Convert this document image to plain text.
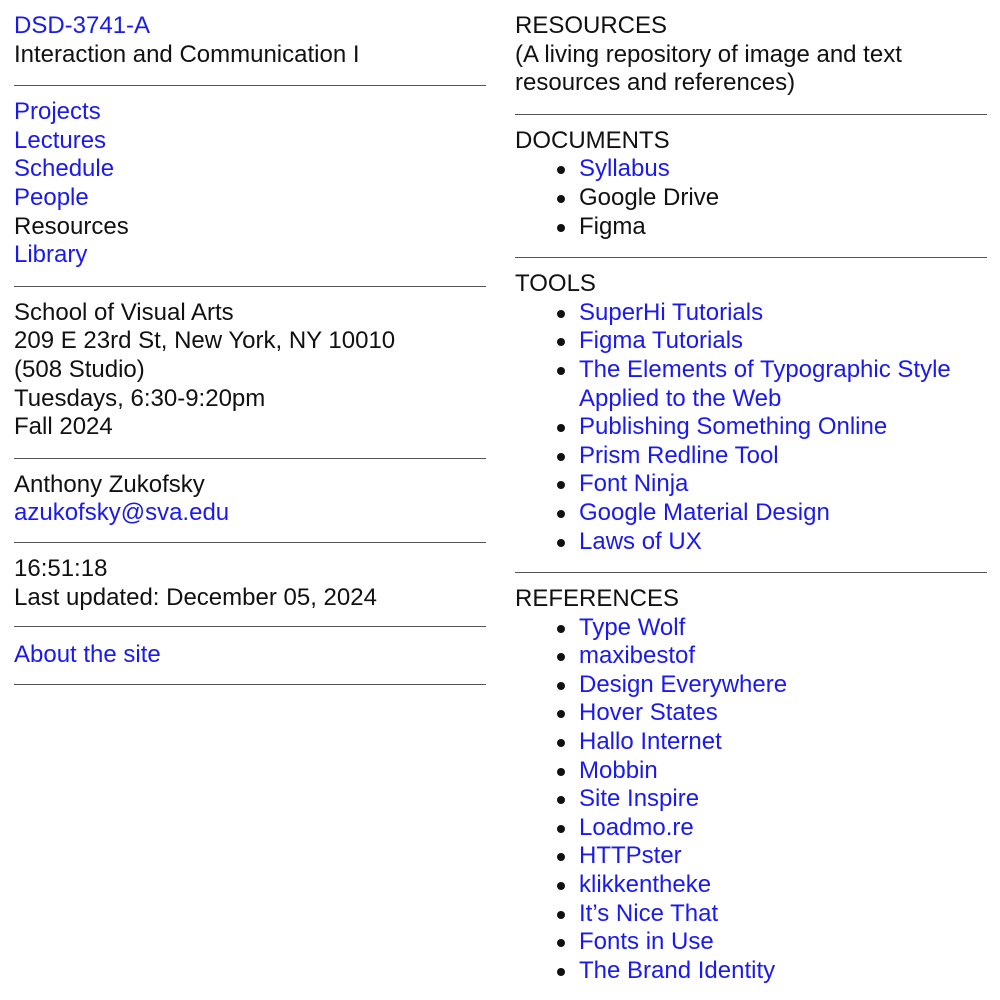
DSD-3741-A
Interaction and Communication I
Projects
Lectures
Schedule
People
Resources
Library
School of Visual Arts
209 E 23rd St, New York, NY 10010
(508 Studio)
Tuesdays, 6:30-9:20pm
Fall 2024
Anthony Zukofsky
azukofsky@sva.edu
16:51:18
Last updated: December 05, 2024
About the site
RESOURCES
(A living repository of image and text resources and references)
DOCUMENTS
Syllabus
Google Drive
Figma
TOOLS
SuperHi Tutorials
Figma Tutorials
The Elements of Typographic Style Applied to the Web
Publishing Something Online
Prism Redline Tool
Font Ninja
Google Material Design
Laws of UX
REFERENCES
Type Wolf
maxibestof
Design Everywhere
Hover States
Hallo Internet
Mobbin
Site Inspire
Loadmo.re
HTTPster
klikkentheke
It’s Nice That
Fonts in Use
The Brand Identity
